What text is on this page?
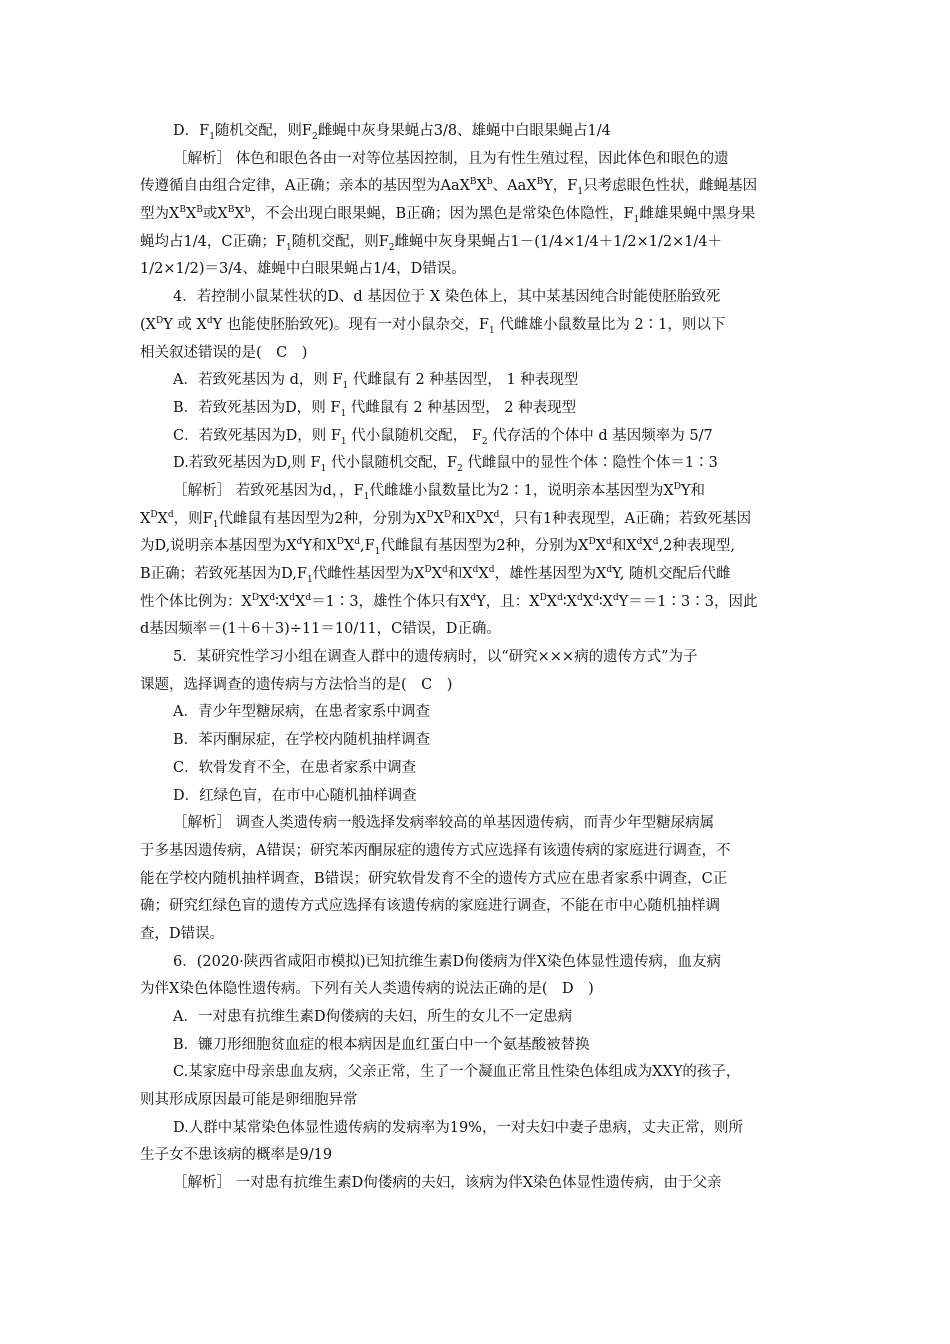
D．$F_1$随机交配，则$F_2$雌蝇中灰身果蝇占3/8、雄蝇中白眼果蝇占1/4
［解析］ 体色和眼色各由一对等位基因控制，且为有性生殖过程，因此体色和眼色的遗
传遵循自由组合定律，A正确；亲本的基因型为$AaX^BX^b$、AaX$^B$Y，$F_1$只考虑眼色性状，雌蝇基因
型为$X^BX^B$或$X^BX^b$，不会出现白眼果蝇，B正确；因为黑色是常染色体隐性，$F_1$雌雄果蝇中黑身果
蝇均占1/4，C正确；$F_1$随机交配，则$F_2$雌蝇中灰身果蝇占1－(1/4×1/4＋1/2×1/2×1/4＋
1/2×1/2)＝3/4、雄蝇中白眼果蝇占1/4，D错误。
4．若控制小鼠某性状的D、d 基因位于 X 染色体上，其中某基因纯合时能使胚胎致死
($X^DY$ 或 $X^dY$ 也能使胚胎致死)。现有一对小鼠杂交，$F_1$ 代雌雄小鼠数量比为 2∶1，则以下
相关叙述错误的是(　C　)
A．若致死基因为 d，则 $F_1$ 代雌鼠有 2 种基因型， 1 种表现型
B．若致死基因为D，则 $F_1$ 代雌鼠有 2 种基因型， 2 种表现型
C．若致死基因为D，则 $F_1$ 代小鼠随机交配， $F_2$ 代存活的个体中 d 基因频率为 5/7
D.若致死基因为D,则 $F_1$ 代小鼠随机交配，$F_2$ 代雌鼠中的显性个体∶隐性个体＝1∶3
［解析］ 若致死基因为d，，$F_1$代雌雄小鼠数量比为2∶1，说明亲本基因型为$X^DY$和
$X^DX^d$，则$F_1$代雌鼠有基因型为2种，分别为$X^DX^D$和$X^DX^d$，只有1种表现型，A正确；若致死基因
为D,说明亲本基因型为$X^dY$和$X^DX^d,F_1$代雌鼠有基因型为2种，分别为$X^DX^d$和$X^dX^d,2$种表现型,
B正确；若致死基因为$D,F_1$代雌性基因型为$X^DX^d$和$X^dX^d$，雄性基因型为$X^dY$, 随机交配后代雌
性个体比例为：$X^DX^d∶X^dX^d=1∶3$，雄性个体只有$X^dY$，且：$X^DX^d∶X^dX^d∶X^dY==1∶3∶3$，因此
d基因频率＝(1＋6＋3)÷11＝10/11，C错误，D正确。
5．某研究性学习小组在调查人群中的遗传病时，以“研究×××病的遗传方式”为子
课题，选择调查的遗传病与方法恰当的是(　C　)
A．青少年型糖尿病，在患者家系中调查
B．苯丙酮尿症，在学校内随机抽样调查
C．软骨发育不全，在患者家系中调查
D．红绿色盲，在市中心随机抽样调查
［解析］ 调查人类遗传病一般选择发病率较高的单基因遗传病，而青少年型糖尿病属
于多基因遗传病，A错误；研究苯丙酮尿症的遗传方式应选择有该遗传病的家庭进行调查，不
能在学校内随机抽样调查，B错误；研究软骨发育不全的遗传方式应在患者家系中调查，C正
确；研究红绿色盲的遗传方式应选择有该遗传病的家庭进行调查，不能在市中心随机抽样调
查，D错误。
6．(2020·陕西省咸阳市模拟)已知抗维生素D佝偻病为伴X染色体显性遗传病，血友病
为伴X染色体隐性遗传病。下列有关人类遗传病的说法正确的是(　D　)
A．一对患有抗维生素D佝偻病的夫妇，所生的女儿不一定患病
B．镰刀形细胞贫血症的根本病因是血红蛋白中一个氨基酸被替换
C.某家庭中母亲患血友病，父亲正常，生了一个凝血正常且性染色体组成为XXY的孩子，
则其形成原因最可能是卵细胞异常
D.人群中某常染色体显性遗传病的发病率为19%，一对夫妇中妻子患病，丈夫正常，则所
生子女不患该病的概率是9/19
［解析］ 一对患有抗维生素D佝偻病的夫妇，该病为伴X染色体显性遗传病，由于父亲
